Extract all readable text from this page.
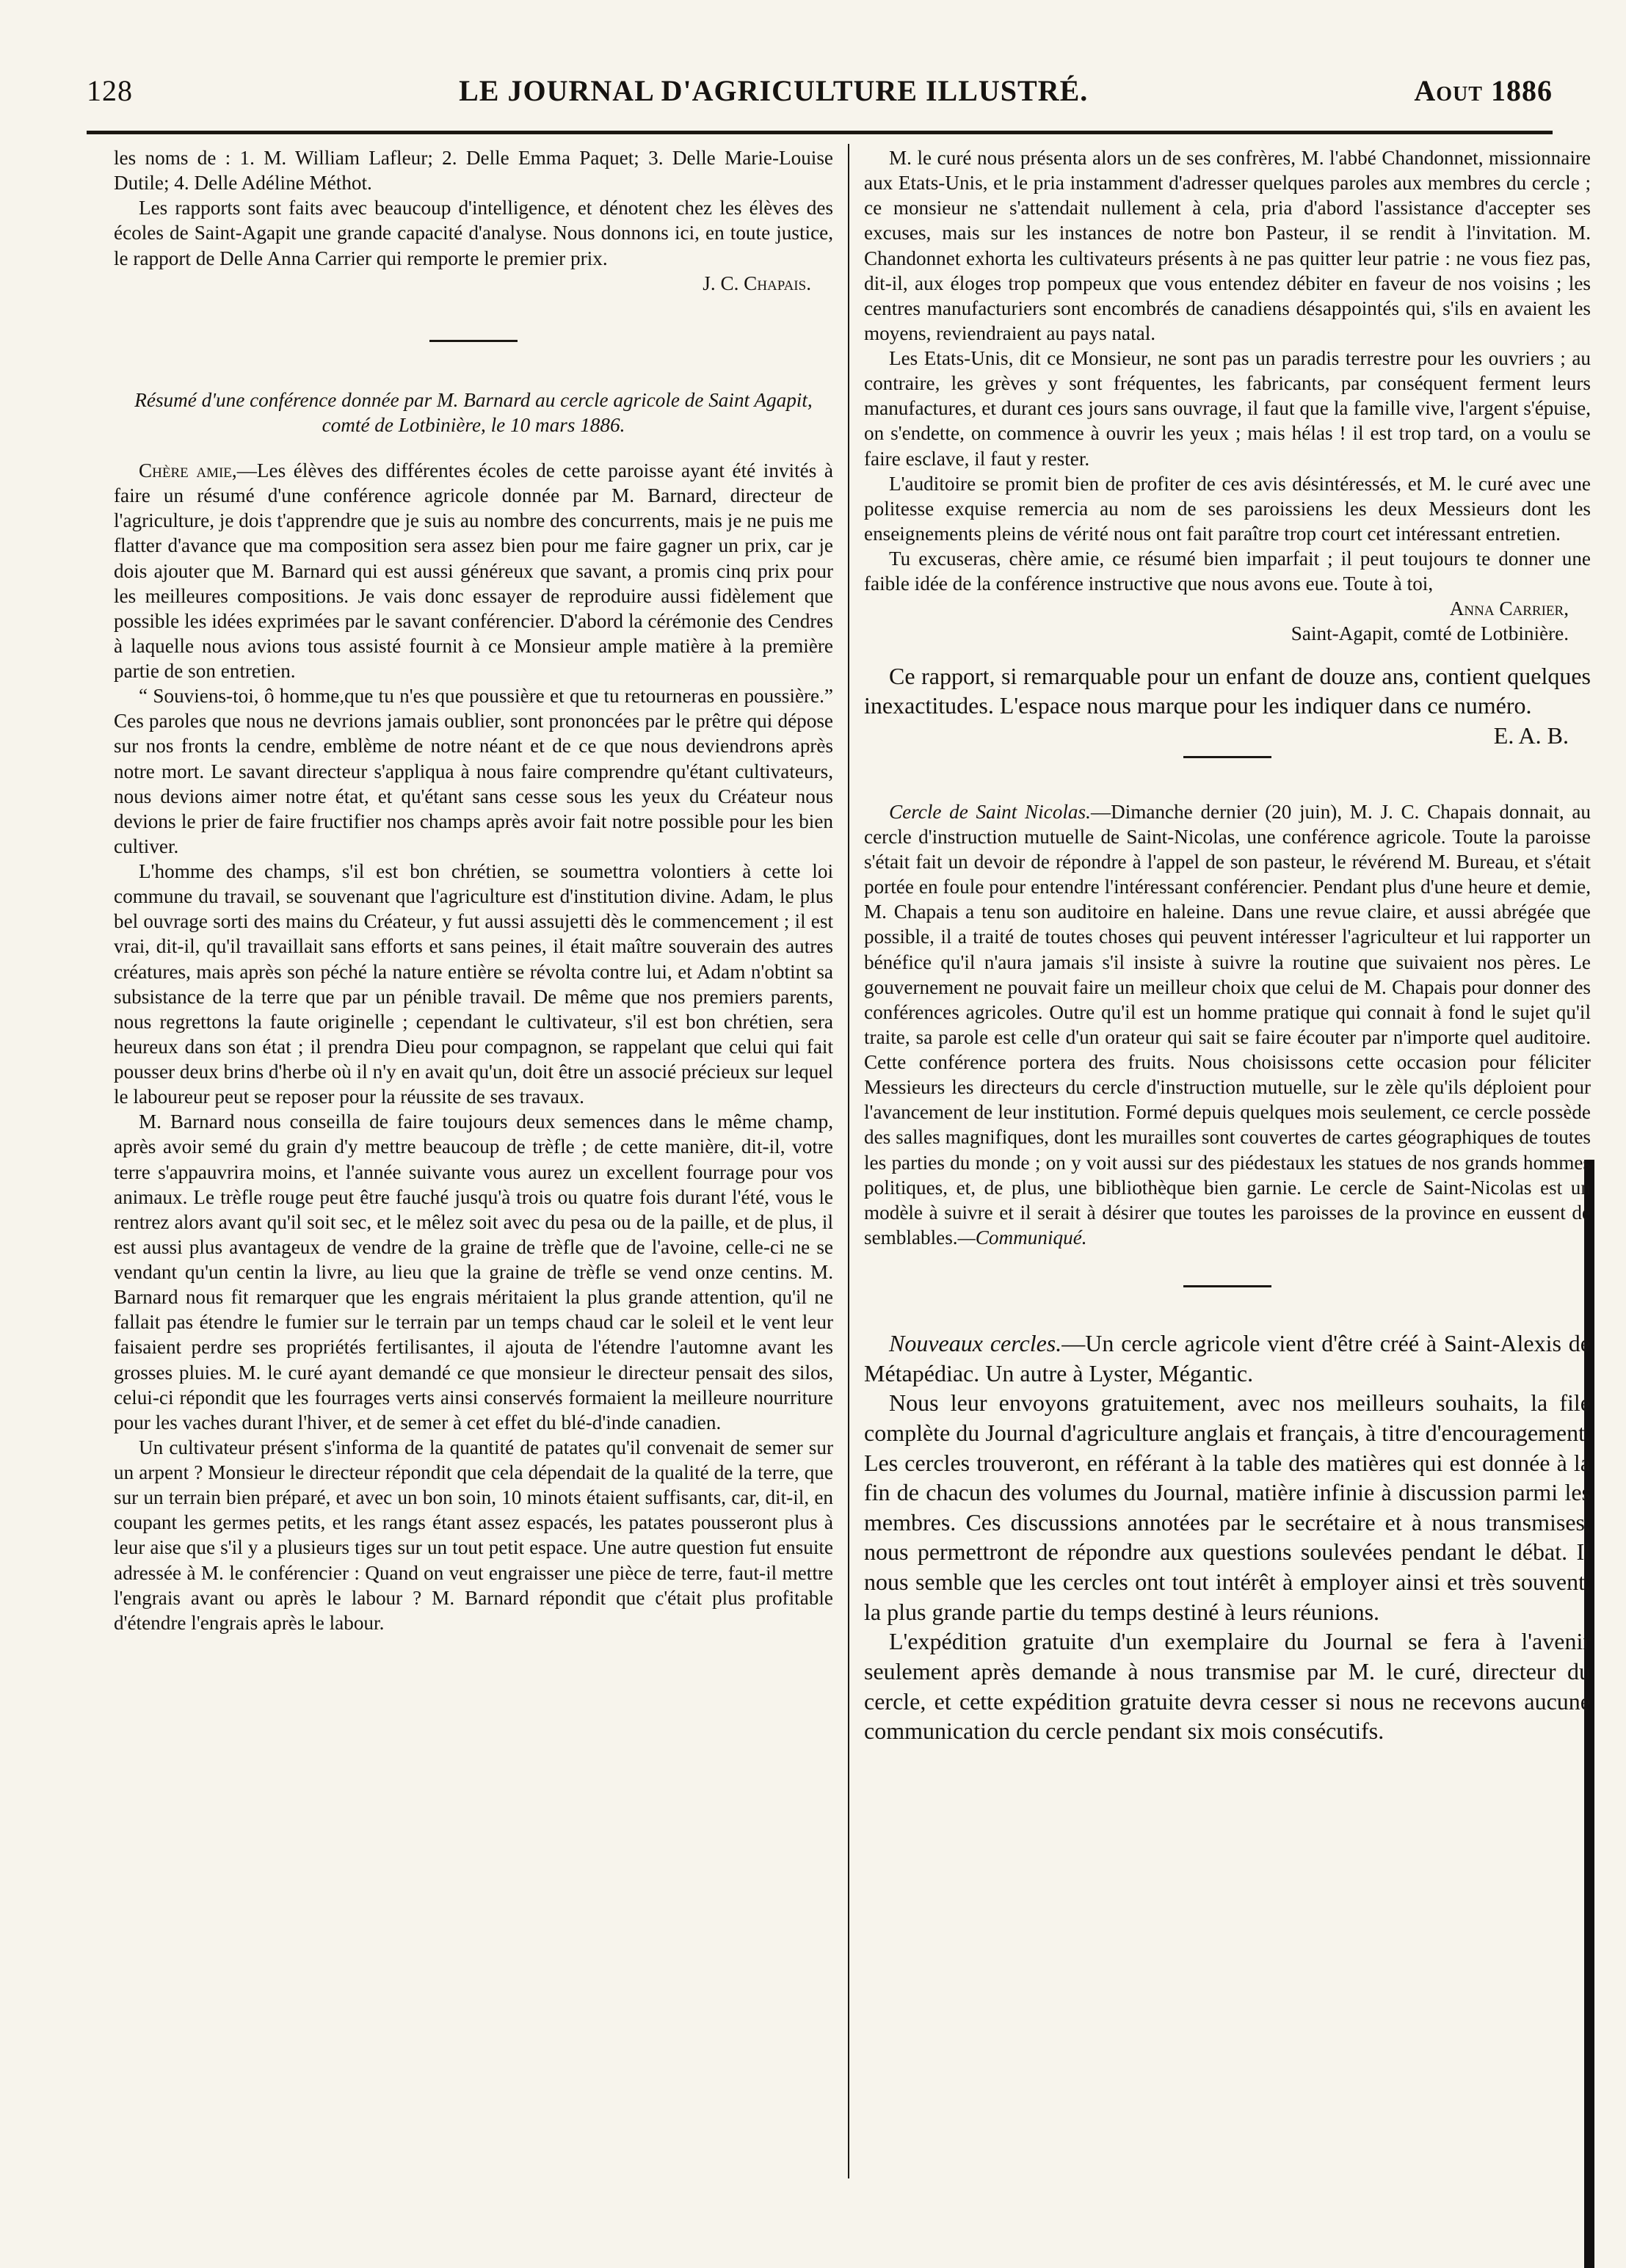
128	LE JOURNAL D'AGRICULTURE ILLUSTRÉ.	Aout 1886

les noms de : 1. M. William Lafleur; 2. Delle Emma Paquet; 3. Delle Marie-Louise Dutile; 4. Delle Adéline Méthot.

Les rapports sont faits avec beaucoup d'intelligence, et dénotent chez les élèves des écoles de Saint-Agapit une grande capacité d'analyse. Nous donnons ici, en toute justice, le rapport de Delle Anna Carrier qui remporte le premier prix.

J. C. Chapais.

Résumé d'une conférence donnée par M. Barnard au cercle agricole de Saint Agapit, comté de Lotbinière, le 10 mars 1886.

Chère amie,—Les élèves des différentes écoles de cette paroisse ayant été invités à faire un résumé d'une conférence agricole donnée par M. Barnard, directeur de l'agriculture, je dois t'apprendre que je suis au nombre des concurrents, mais je ne puis me flatter d'avance que ma composition sera assez bien pour me faire gagner un prix, car je dois ajouter que M. Barnard qui est aussi généreux que savant, a promis cinq prix pour les meilleures compositions. Je vais donc essayer de reproduire aussi fidèlement que possible les idées exprimées par le savant conférencier. D'abord la cérémonie des Cendres à laquelle nous avions tous assisté fournit à ce Monsieur ample matière à la première partie de son entretien.

“ Souviens-toi, ô homme,que tu n'es que poussière et que tu retourneras en poussière.” Ces paroles que nous ne devrions jamais oublier, sont prononcées par le prêtre qui dépose sur nos fronts la cendre, emblème de notre néant et de ce que nous deviendrons après notre mort. Le savant directeur s'appliqua à nous faire comprendre qu'étant cultivateurs, nous devions aimer notre état, et qu'étant sans cesse sous les yeux du Créateur nous devions le prier de faire fructifier nos champs après avoir fait notre possible pour les bien cultiver.

L'homme des champs, s'il est bon chrétien, se soumettra volontiers à cette loi commune du travail, se souvenant que l'agriculture est d'institution divine. Adam, le plus bel ouvrage sorti des mains du Créateur, y fut aussi assujetti dès le commencement ; il est vrai, dit-il, qu'il travaillait sans efforts et sans peines, il était maître souverain des autres créatures, mais après son péché la nature entière se révolta contre lui, et Adam n'obtint sa subsistance de la terre que par un pénible travail. De même que nos premiers parents, nous regrettons la faute originelle ; cependant le cultivateur, s'il est bon chrétien, sera heureux dans son état ; il prendra Dieu pour compagnon, se rappelant que celui qui fait pousser deux brins d'herbe où il n'y en avait qu'un, doit être un associé précieux sur lequel le laboureur peut se reposer pour la réussite de ses travaux.

M. Barnard nous conseilla de faire toujours deux semences dans le même champ, après avoir semé du grain d'y mettre beaucoup de trèfle ; de cette manière, dit-il, votre terre s'appauvrira moins, et l'année suivante vous aurez un excellent fourrage pour vos animaux. Le trèfle rouge peut être fauché jusqu'à trois ou quatre fois durant l'été, vous le rentrez alors avant qu'il soit sec, et le mêlez soit avec du pesa ou de la paille, et de plus, il est aussi plus avantageux de vendre de la graine de trèfle que de l'avoine, celle-ci ne se vendant qu'un centin la livre, au lieu que la graine de trèfle se vend onze centins. M. Barnard nous fit remarquer que les engrais méritaient la plus grande attention, qu'il ne fallait pas étendre le fumier sur le terrain par un temps chaud car le soleil et le vent leur faisaient perdre ses propriétés fertilisantes, il ajouta de l'étendre l'automne avant les grosses pluies. M. le curé ayant demandé ce que monsieur le directeur pensait des silos, celui-ci répondit que les fourrages verts ainsi conservés formaient la meilleure nourriture pour les vaches durant l'hiver, et de semer à cet effet du blé-d'inde canadien.

Un cultivateur présent s'informa de la quantité de patates qu'il convenait de semer sur un arpent ? Monsieur le directeur répondit que cela dépendait de la qualité de la terre, que sur un terrain bien préparé, et avec un bon soin, 10 minots étaient suffisants, car, dit-il, en coupant les germes petits, et les rangs étant assez espacés, les patates pousseront plus à leur aise que s'il y a plusieurs tiges sur un tout petit espace. Une autre question fut ensuite adressée à M. le conférencier : Quand on veut engraisser une pièce de terre, faut-il mettre l'engrais avant ou après le labour ? M. Barnard répondit que c'était plus profitable d'étendre l'engrais après le labour.

M. le curé nous présenta alors un de ses confrères, M. l'abbé Chandonnet, missionnaire aux Etats-Unis, et le pria instamment d'adresser quelques paroles aux membres du cercle ; ce monsieur ne s'attendait nullement à cela, pria d'abord l'assistance d'accepter ses excuses, mais sur les instances de notre bon Pasteur, il se rendit à l'invitation. M. Chandonnet exhorta les cultivateurs présents à ne pas quitter leur patrie : ne vous fiez pas, dit-il, aux éloges trop pompeux que vous entendez débiter en faveur de nos voisins ; les centres manufacturiers sont encombrés de canadiens désappointés qui, s'ils en avaient les moyens, reviendraient au pays natal.

Les Etats-Unis, dit ce Monsieur, ne sont pas un paradis terrestre pour les ouvriers ; au contraire, les grèves y sont fréquentes, les fabricants, par conséquent ferment leurs manufactures, et durant ces jours sans ouvrage, il faut que la famille vive, l'argent s'épuise, on s'endette, on commence à ouvrir les yeux ; mais hélas ! il est trop tard, on a voulu se faire esclave, il faut y rester.

L'auditoire se promit bien de profiter de ces avis désintéressés, et M. le curé avec une politesse exquise remercia au nom de ses paroissiens les deux Messieurs dont les enseignements pleins de vérité nous ont fait paraître trop court cet intéressant entretien.

Tu excuseras, chère amie, ce résumé bien imparfait ; il peut toujours te donner une faible idée de la conférence instructive que nous avons eue. Toute à toi,

Anna Carrier,
Saint-Agapit, comté de Lotbinière.

Ce rapport, si remarquable pour un enfant de douze ans, contient quelques inexactitudes. L'espace nous marque pour les indiquer dans ce numéro.
E. A. B.

Cercle de Saint Nicolas.—Dimanche dernier (20 juin), M. J. C. Chapais donnait, au cercle d'instruction mutuelle de Saint-Nicolas, une conférence agricole. Toute la paroisse s'était fait un devoir de répondre à l'appel de son pasteur, le révérend M. Bureau, et s'était portée en foule pour entendre l'intéressant conférencier. Pendant plus d'une heure et demie, M. Chapais a tenu son auditoire en haleine. Dans une revue claire, et aussi abrégée que possible, il a traité de toutes choses qui peuvent intéresser l'agriculteur et lui rapporter un bénéfice qu'il n'aura jamais s'il insiste à suivre la routine que suivaient nos pères. Le gouvernement ne pouvait faire un meilleur choix que celui de M. Chapais pour donner des conférences agricoles. Outre qu'il est un homme pratique qui connait à fond le sujet qu'il traite, sa parole est celle d'un orateur qui sait se faire écouter par n'importe quel auditoire. Cette conférence portera des fruits. Nous choisissons cette occasion pour féliciter Messieurs les directeurs du cercle d'instruction mutuelle, sur le zèle qu'ils déploient pour l'avancement de leur institution. Formé depuis quelques mois seulement, ce cercle possède des salles magnifiques, dont les murailles sont couvertes de cartes géographiques de toutes les parties du monde ; on y voit aussi sur des piédestaux les statues de nos grands hommes politiques, et, de plus, une bibliothèque bien garnie. Le cercle de Saint-Nicolas est un modèle à suivre et il serait à désirer que toutes les paroisses de la province en eussent de semblables.—Communiqué.

Nouveaux cercles.—Un cercle agricole vient d'être créé à Saint-Alexis de Métapédiac. Un autre à Lyster, Mégantic.

Nous leur envoyons gratuitement, avec nos meilleurs souhaits, la file complète du Journal d'agriculture anglais et français, à titre d'encouragement. Les cercles trouveront, en référant à la table des matières qui est donnée à la fin de chacun des volumes du Journal, matière infinie à discussion parmi les membres. Ces discussions annotées par le secrétaire et à nous transmises, nous permettront de répondre aux questions soulevées pendant le débat. Il nous semble que les cercles ont tout intérêt à employer ainsi et très souvent, la plus grande partie du temps destiné à leurs réunions.

L'expédition gratuite d'un exemplaire du Journal se fera à l'avenir seulement après demande à nous transmise par M. le curé, directeur du cercle, et cette expédition gratuite devra cesser si nous ne recevons aucune communication du cercle pendant six mois consécutifs.
